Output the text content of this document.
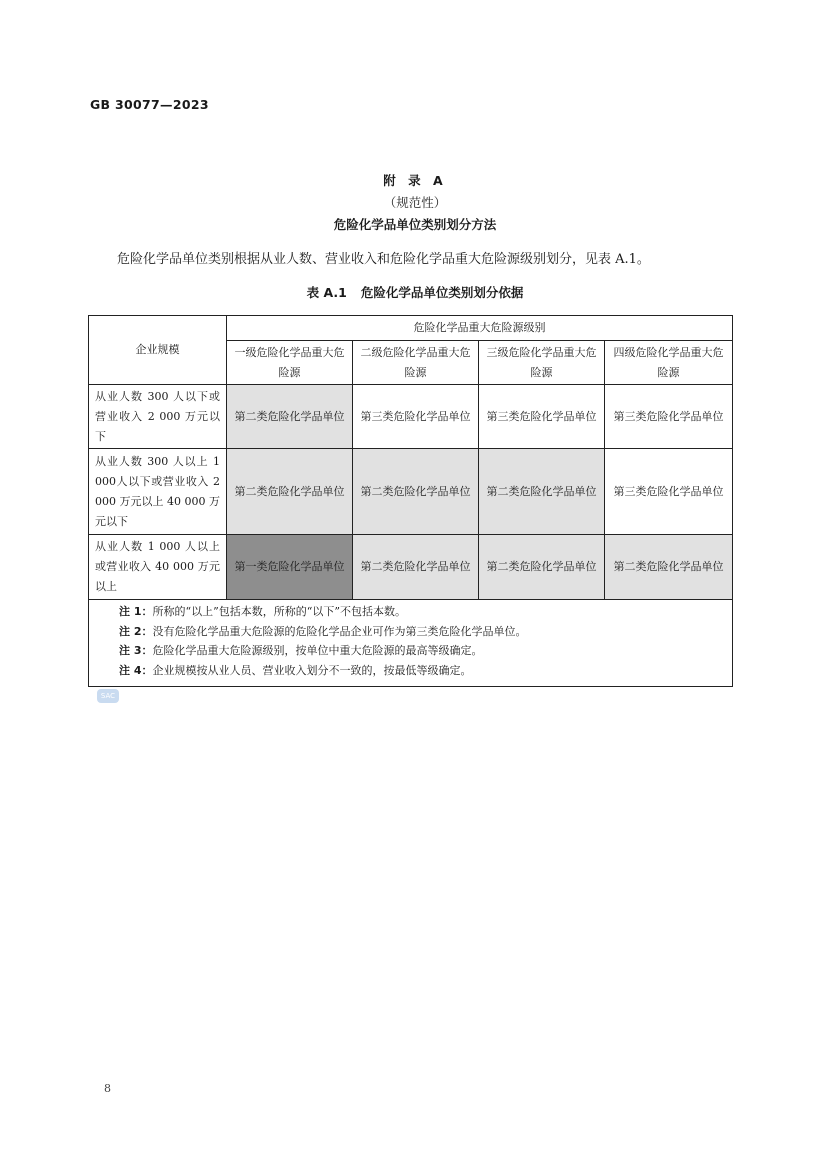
GB 30077—2023
附 录 A
（规范性）
危险化学品单位类别划分方法
危险化学品单位类别根据从业人数、营业收入和危险化学品重大危险源级别划分，见表 A.1。
表 A.1 危险化学品单位类别划分依据
企业规模	危险化学品重大危险源级别			
	一级危险化学品重大危险源	二级危险化学品重大危险源	三级危险化学品重大危险源	四级危险化学品重大危险源
从业人数 300 人以下或营业收入 2 000 万元以下	第二类危险化学品单位	第三类危险化学品单位	第三类危险化学品单位	第三类危险化学品单位
从业人数 300 人以上 1 000人以下或营业收入 2 000 万元以上 40 000 万元以下	第二类危险化学品单位	第二类危险化学品单位	第二类危险化学品单位	第三类危险化学品单位
从业人数 1 000 人以上或营业收入 40 000 万元以上	第一类危险化学品单位	第二类危险化学品单位	第二类危险化学品单位	第二类危险化学品单位

注 1：所称的“以上”包括本数，所称的“以下”不包括本数。
注 2：没有危险化学品重大危险源的危险化学品企业可作为第三类危险化学品单位。
注 3：危险化学品重大危险源级别，按单位中重大危险源的最高等级确定。
注 4：企业规模按从业人员、营业收入划分不一致的，按最低等级确定。				
SAC
8
